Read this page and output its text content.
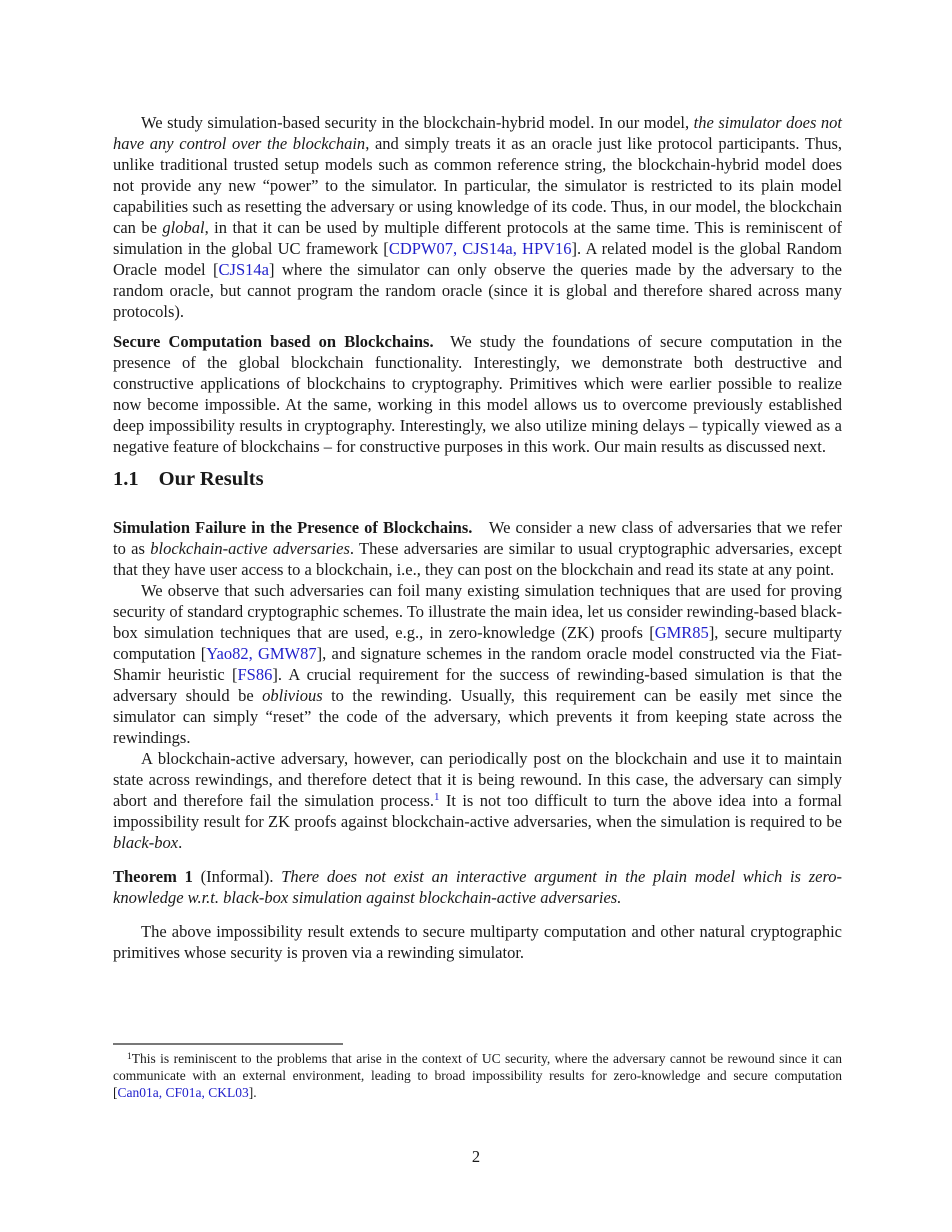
We study simulation-based security in the blockchain-hybrid model. In our model, the simulator does not have any control over the blockchain, and simply treats it as an oracle just like protocol participants. Thus, unlike traditional trusted setup models such as common reference string, the blockchain-hybrid model does not provide any new “power” to the simulator. In particular, the simulator is restricted to its plain model capabilities such as resetting the adversary or using knowledge of its code. Thus, in our model, the blockchain can be global, in that it can be used by multiple different protocols at the same time. This is reminiscent of simulation in the global UC framework [CDPW07, CJS14a, HPV16]. A related model is the global Random Oracle model [CJS14a] where the simulator can only observe the queries made by the adversary to the random oracle, but cannot program the random oracle (since it is global and therefore shared across many protocols).

Secure Computation based on Blockchains. We study the foundations of secure computation in the presence of the global blockchain functionality. Interestingly, we demonstrate both destructive and constructive applications of blockchains to cryptography. Primitives which were earlier possible to realize now become impossible. At the same, working in this model allows us to overcome previously established deep impossibility results in cryptography. Interestingly, we also utilize mining delays – typically viewed as a negative feature of blockchains – for constructive purposes in this work. Our main results as discussed next.

1.1 Our Results

Simulation Failure in the Presence of Blockchains. We consider a new class of adversaries that we refer to as blockchain-active adversaries. These adversaries are similar to usual cryptographic adversaries, except that they have user access to a blockchain, i.e., they can post on the blockchain and read its state at any point.

We observe that such adversaries can foil many existing simulation techniques that are used for proving security of standard cryptographic schemes. To illustrate the main idea, let us consider rewinding-based black-box simulation techniques that are used, e.g., in zero-knowledge (ZK) proofs [GMR85], secure multiparty computation [Yao82, GMW87], and signature schemes in the random oracle model constructed via the Fiat-Shamir heuristic [FS86]. A crucial requirement for the success of rewinding-based simulation is that the adversary should be oblivious to the rewinding. Usually, this requirement can be easily met since the simulator can simply “reset” the code of the adversary, which prevents it from keeping state across the rewindings.

A blockchain-active adversary, however, can periodically post on the blockchain and use it to maintain state across rewindings, and therefore detect that it is being rewound. In this case, the adversary can simply abort and therefore fail the simulation process.$^1$ It is not too difficult to turn the above idea into a formal impossibility result for ZK proofs against blockchain-active adversaries, when the simulation is required to be black-box.

Theorem 1 (Informal). There does not exist an interactive argument in the plain model which is zero-knowledge w.r.t. black-box simulation against blockchain-active adversaries.

The above impossibility result extends to secure multiparty computation and other natural cryptographic primitives whose security is proven via a rewinding simulator.

$^1$This is reminiscent to the problems that arise in the context of UC security, where the adversary cannot be rewound since it can communicate with an external environment, leading to broad impossibility results for zero-knowledge and secure computation [Can01a, CF01a, CKL03].

2
